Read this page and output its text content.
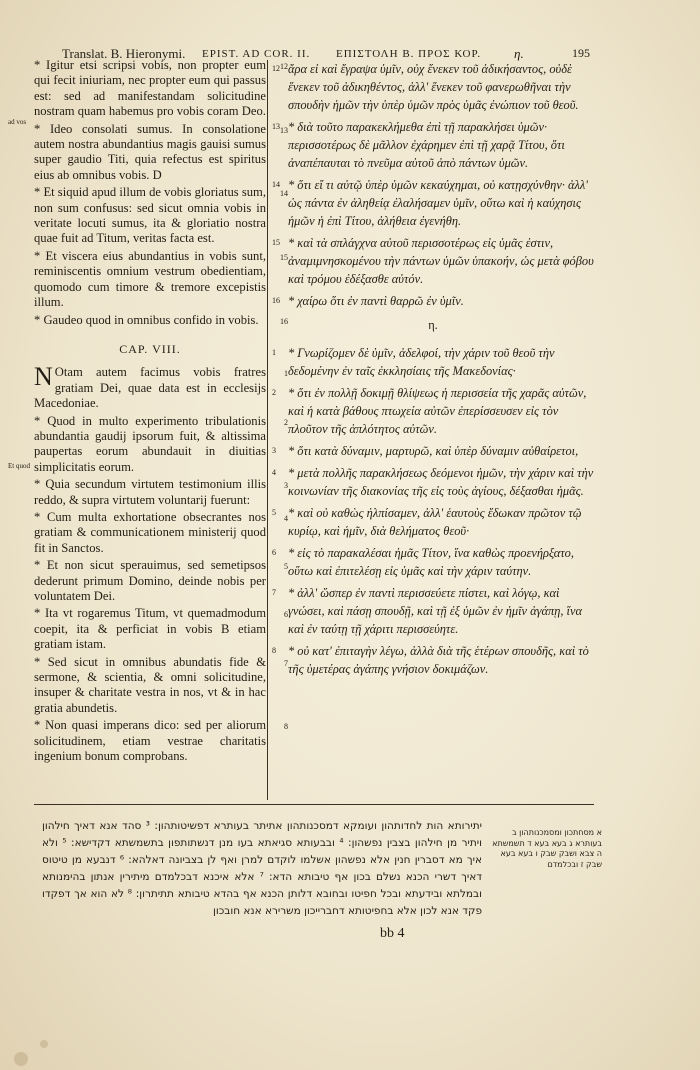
Translat. B. Hieronymi. EPIST. AD COR. II. ΕΠΙΣΤΟΛΗ Β. ΠΡΟΣ ΚΟΡ.	η.	195
ad vos
Et quod

* Igitur etsi scripsi vobis, non propter eum qui fecit iniuriam, nec propter eum qui passus est: sed ad manifestandam solicitudine nostram quam habemus pro vobis coram Deo.
12

* Ideo consolati sumus. In consolatione autem nostra abundantius magis gauisi sumus super gaudio Titi, quia refectus est spiritus eius ab omnibus vobis. D
13

* Et siquid apud illum de vobis gloriatus sum, non sum confusus: sed sicut omnia vobis in veritate locuti sumus, ita & gloriatio nostra quae fuit ad Titum, veritas facta est.
14

* Et viscera eius abundantius in vobis sunt, reminiscentis omnium vestrum obedientiam, quomodo cum timore & tremore excepistis illum.
15

* Gaudeo quod in omnibus confido in vobis.	16

CAP. VIII.

N Otam autem facimus vobis fratres gratiam Dei, quae data est in ecclesijs Macedoniae.
1

* Quod in multo experimento tribulationis abundantia gaudij ipsorum fuit, & altissima paupertas eorum abundauit in diuitias simplicitatis eorum.
2

* Quia secundum virtutem testimonium illis reddo, & supra virtutem voluntarij fuerunt:
3

* Cum multa exhortatione obsecrantes nos gratiam & communicationem ministerij quod fit in Sanctos.
4

* Et non sicut sperauimus, sed semetipsos dederunt primum Domino, deinde nobis per voluntatem Dei.
5

* Ita vt rogaremus Titum, vt quemadmodum coepit, ita & perficiat in vobis B etiam gratiam istam.
6

* Sed sicut in omnibus abundatis fide & sermone, & scientia, & omni solicitudine, insuper & charitate vestra in nos, vt & in hac gratia abundetis.
7

* Non quasi imperans dico: sed per aliorum solicitudinem, etiam vestrae charitatis ingenium bonum comprobans.
8

12 ἄρα εἰ καὶ ἔγραψα ὑμῖν, οὐχ ἕνεκεν τοῦ ἀδικήσαντος, οὐδὲ ἕνεκεν τοῦ ἀδικηθέντος, ἀλλ' ἕνεκεν τοῦ φανερωθῆναι τὴν σπουδὴν ἡμῶν τὴν ὑπὲρ ὑμῶν πρὸς ὑμᾶς ἐνώπιον τοῦ θεοῦ.

13 * διὰ τοῦτο παρακεκλήμεθα ἐπὶ τῇ παρακλήσει ὑμῶν· περισσοτέρως δὲ μᾶλλον ἐχάρημεν ἐπὶ τῇ χαρᾷ Τίτου, ὅτι ἀναπέπαυται τὸ πνεῦμα αὐτοῦ ἀπὸ πάντων ὑμῶν.

14 * ὅτι εἴ τι αὐτῷ ὑπὲρ ὑμῶν κεκαύχημαι, οὐ κατῃσχύνθην· ἀλλ' ὡς πάντα ἐν ἀληθείᾳ ἐλαλήσαμεν ὑμῖν, οὕτω καὶ ἡ καύχησις ἡμῶν ἡ ἐπὶ Τίτου, ἀλήθεια ἐγενήθη.

15 * καὶ τὰ σπλάγχνα αὐτοῦ περισσοτέρως εἰς ὑμᾶς ἐστιν, ἀναμιμνησκομένου τὴν πάντων ὑμῶν ὑπακοήν, ὡς μετὰ φόβου καὶ τρόμου ἐδέξασθε αὐτόν.

16 * χαίρω ὅτι ἐν παντὶ θαρρῶ ἐν ὑμῖν.

η.

1 * Γνωρίζομεν δὲ ὑμῖν, ἀδελφοί, τὴν χάριν τοῦ θεοῦ τὴν δεδομένην ἐν ταῖς ἐκκλησίαις τῆς Μακεδονίας·

2 * ὅτι ἐν πολλῇ δοκιμῇ θλίψεως ἡ περισσεία τῆς χαρᾶς αὐτῶν, καὶ ἡ κατὰ βάθους πτωχεία αὐτῶν ἐπερίσσευσεν εἰς τὸν πλοῦτον τῆς ἁπλότητος αὐτῶν.

3 * ὅτι κατὰ δύναμιν, μαρτυρῶ, καὶ ὑπὲρ δύναμιν αὐθαίρετοι,

4 * μετὰ πολλῆς παρακλήσεως δεόμενοι ἡμῶν, τὴν χάριν καὶ τὴν κοινωνίαν τῆς διακονίας τῆς εἰς τοὺς ἁγίους, δέξασθαι ἡμᾶς.

5 * καὶ οὐ καθὼς ἠλπίσαμεν, ἀλλ' ἑαυτοὺς ἔδωκαν πρῶτον τῷ κυρίῳ, καὶ ἡμῖν, διὰ θελήματος θεοῦ·

6 * εἰς τὸ παρακαλέσαι ἡμᾶς Τίτον, ἵνα καθὼς προενήρξατο, οὕτω καὶ ἐπιτελέσῃ εἰς ὑμᾶς καὶ τὴν χάριν ταύτην.

7 * ἀλλ' ὥσπερ ἐν παντὶ περισσεύετε πίστει, καὶ λόγῳ, καὶ γνώσει, καὶ πάσῃ σπουδῇ, καὶ τῇ ἐξ ὑμῶν ἐν ἡμῖν ἀγάπῃ, ἵνα καὶ ἐν ταύτῃ τῇ χάριτι περισσεύητε.

8 * οὐ κατ' ἐπιταγὴν λέγω, ἀλλὰ διὰ τῆς ἑτέρων σπουδῆς, καὶ τὸ τῆς ὑμετέρας ἀγάπης γνήσιον δοκιμάζων.

יתירותא הות לחדותהון ועומקא דמסכנותהון אתיתר בעותרא דפשיטותהון: ³ סהד אנא דאיך חילהון ויתיר מן חילהון בצבין נפשהון: ⁴ ובבעותא סגיאתא בעו מנן דנשתותפון בתשמשתא דקדישא: ⁵ ולא איך מא דסברין חנין אלא נפשהון אשלמו לוקדם למרן ואף לן בצביונה דאלהא: ⁶ דנבעא מן טיטוס דאיך דשרי הכנא נשלם בכון אף טיבותא הדא: ⁷ אלא איכנא דבכלמדם מיתירין אנתון בהימנותא ובמלתא ובידעתא ובכל חפיטו ובחובא דלותן הכנא אף בהדא טיבותא תתיתרון: ⁸ לא הוא אך דפקדו פקד אנא לכון אלא בחפיטותא דחברייכון משרירא אנא חובכון
א מסחתכון ומסמכנותהון ב בעותרא ג בעא בעא ד תשמשתא ה צבא ושבק שבק ו בעא בעא שבק ז ובכלמדם
bb 4
